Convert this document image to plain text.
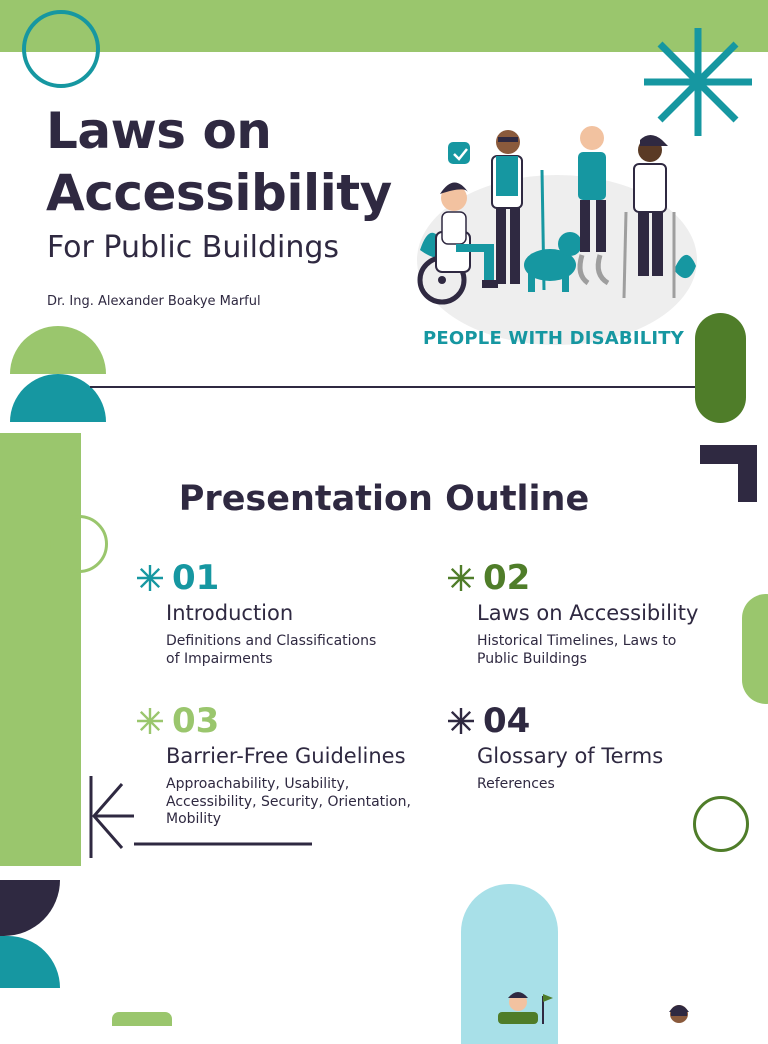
Laws on
Accessibility
For Public Buildings
Dr. Ing. Alexander Boakye Marful
PEOPLE WITH DISABILITY
Presentation Outline
01
Introduction
Definitions and Classifications
of Impairments
02
Laws on Accessibility
Historical Timelines, Laws to
Public Buildings
03
Barrier-Free Guidelines
Approachability, Usability,
Accessibility, Security, Orientation,
Mobility
04
Glossary of Terms
References
